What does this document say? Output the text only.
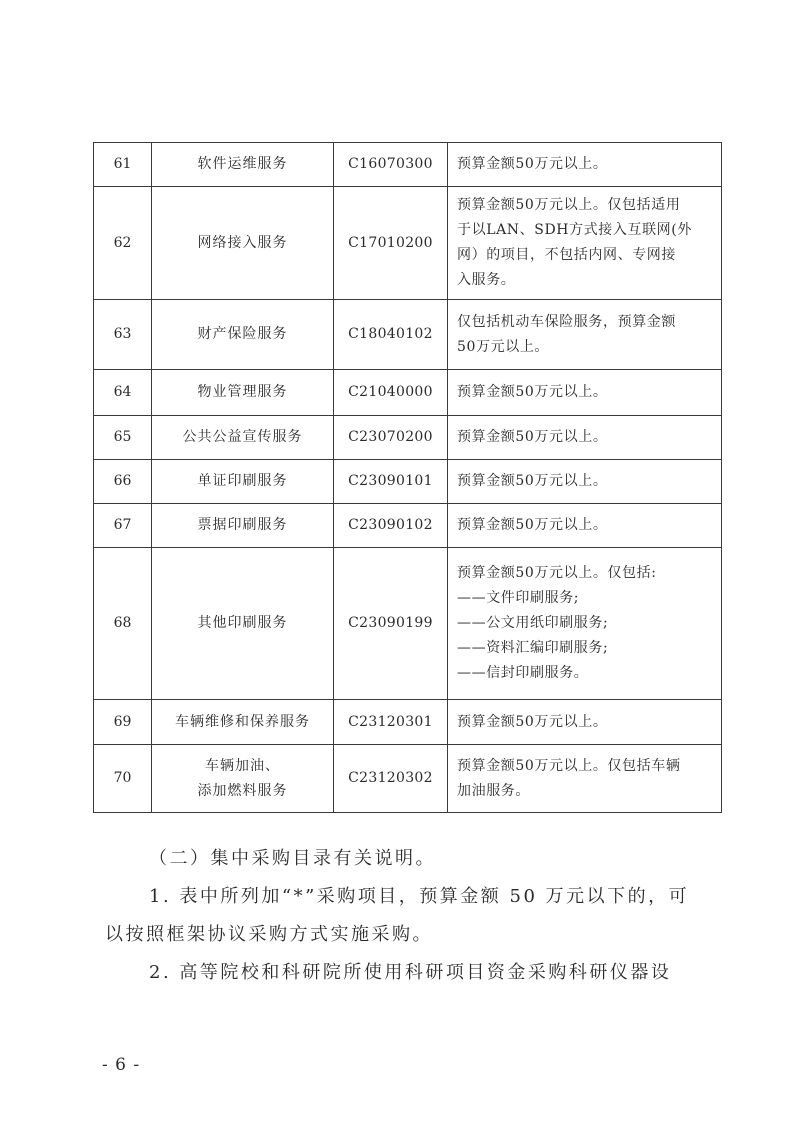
61	软件运维服务	C16070300	预算金额50万元以上。

62	网络接入服务	C17010200	预算金额50万元以上。仅包括适用
于以LAN、SDH方式接入互联网(外
网）的项目，不包括内网、专网接
入服务。

63	财产保险服务	C18040102	仅包括机动车保险服务，预算金额
50万元以上。

64	物业管理服务	C21040000	预算金额50万元以上。

65	公共公益宣传服务	C23070200	预算金额50万元以上。

66	单证印刷服务	C23090101	预算金额50万元以上。

67	票据印刷服务	C23090102	预算金额50万元以上。

68	其他印刷服务	C23090199	预算金额50万元以上。仅包括:
——文件印刷服务;
——公文用纸印刷服务;
——资料汇编印刷服务;
——信封印刷服务。

69	车辆维修和保养服务	C23120301	预算金额50万元以上。

70	车辆加油、
添加燃料服务	C23120302	预算金额50万元以上。仅包括车辆
加油服务。

（二）集中采购目录有关说明。

1. 表中所列加“*”采购项目，预算金额 50 万元以下的，可

以按照框架协议采购方式实施采购。

2. 高等院校和科研院所使用科研项目资金采购科研仪器设

- 6 -
